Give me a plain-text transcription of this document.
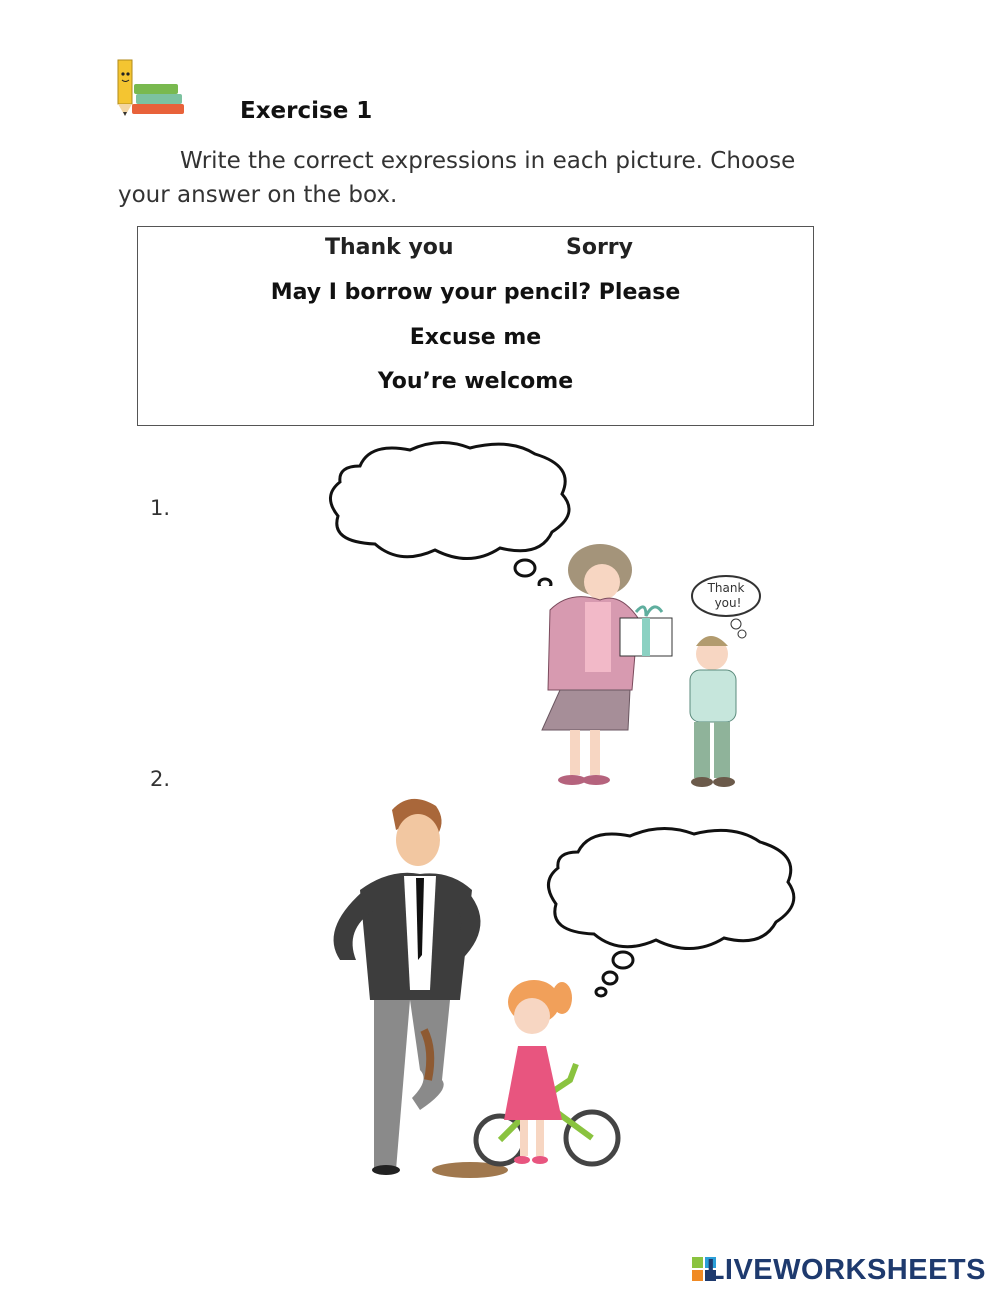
Exercise 1
Write the correct expressions in each picture. Choose
your answer on the box.
Thank you	Sorry
May I borrow your pencil? Please
Excuse me
You’re welcome
1.
Thank
you!
2.
LIVEWORKSHEETS
